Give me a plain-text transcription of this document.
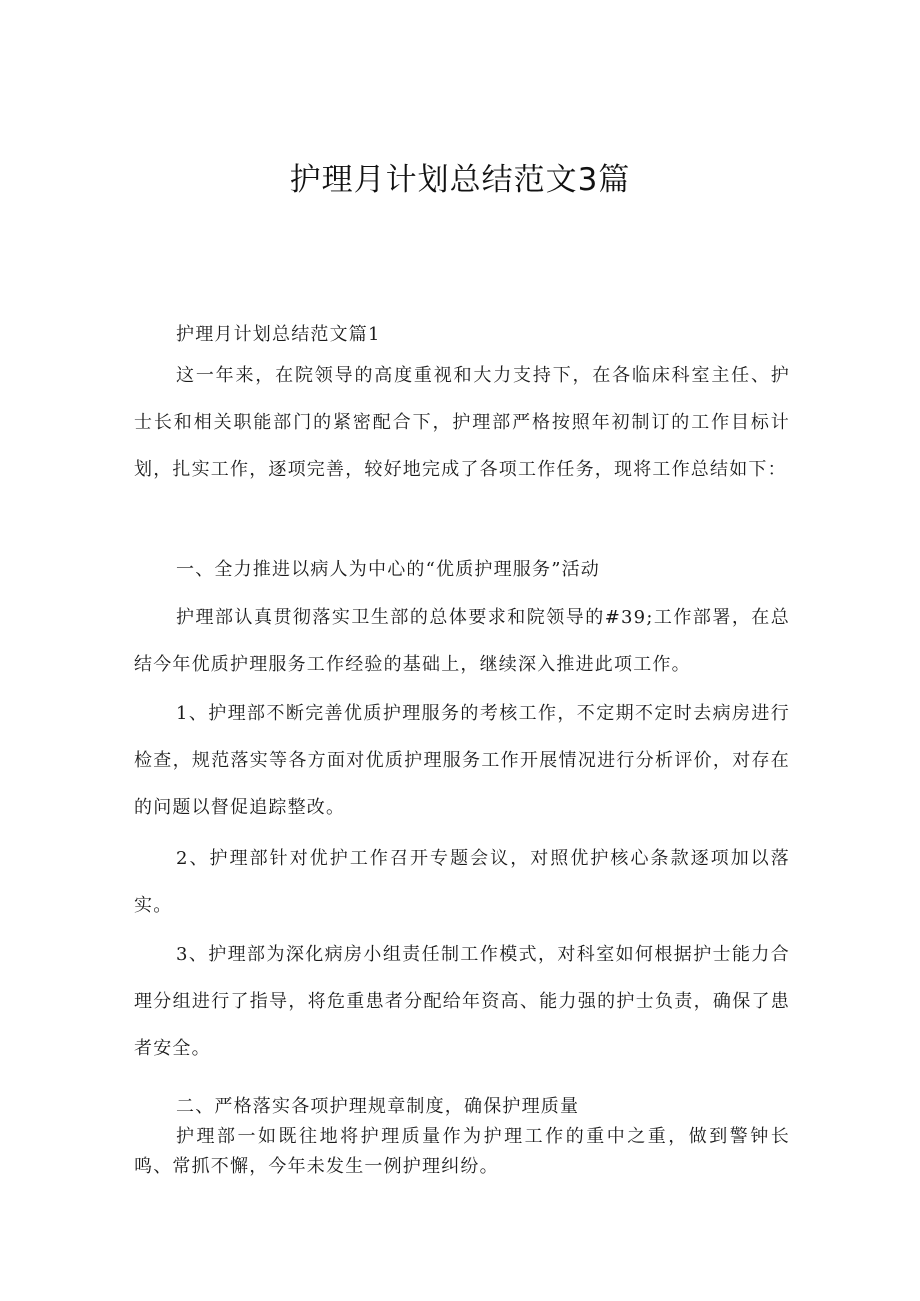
护理月计划总结范文3篇

护理月计划总结范文篇1

这一年来，在院领导的高度重视和大力支持下，在各临床科室主任、护士长和相关职能部门的紧密配合下，护理部严格按照年初制订的工作目标计划，扎实工作，逐项完善，较好地完成了各项工作任务，现将工作总结如下：

一、全力推进以病人为中心的“优质护理服务”活动

护理部认真贯彻落实卫生部的总体要求和院领导的#39;工作部署，在总结今年优质护理服务工作经验的基础上，继续深入推进此项工作。

1、护理部不断完善优质护理服务的考核工作，不定期不定时去病房进行检查，规范落实等各方面对优质护理服务工作开展情况进行分析评价，对存在的问题以督促追踪整改。

2、护理部针对优护工作召开专题会议，对照优护核心条款逐项加以落实。

3、护理部为深化病房小组责任制工作模式，对科室如何根据护士能力合理分组进行了指导，将危重患者分配给年资高、能力强的护士负责，确保了患者安全。

二、严格落实各项护理规章制度，确保护理质量

护理部一如既往地将护理质量作为护理工作的重中之重，做到警钟长鸣、常抓不懈，今年未发生一例护理纠纷。
